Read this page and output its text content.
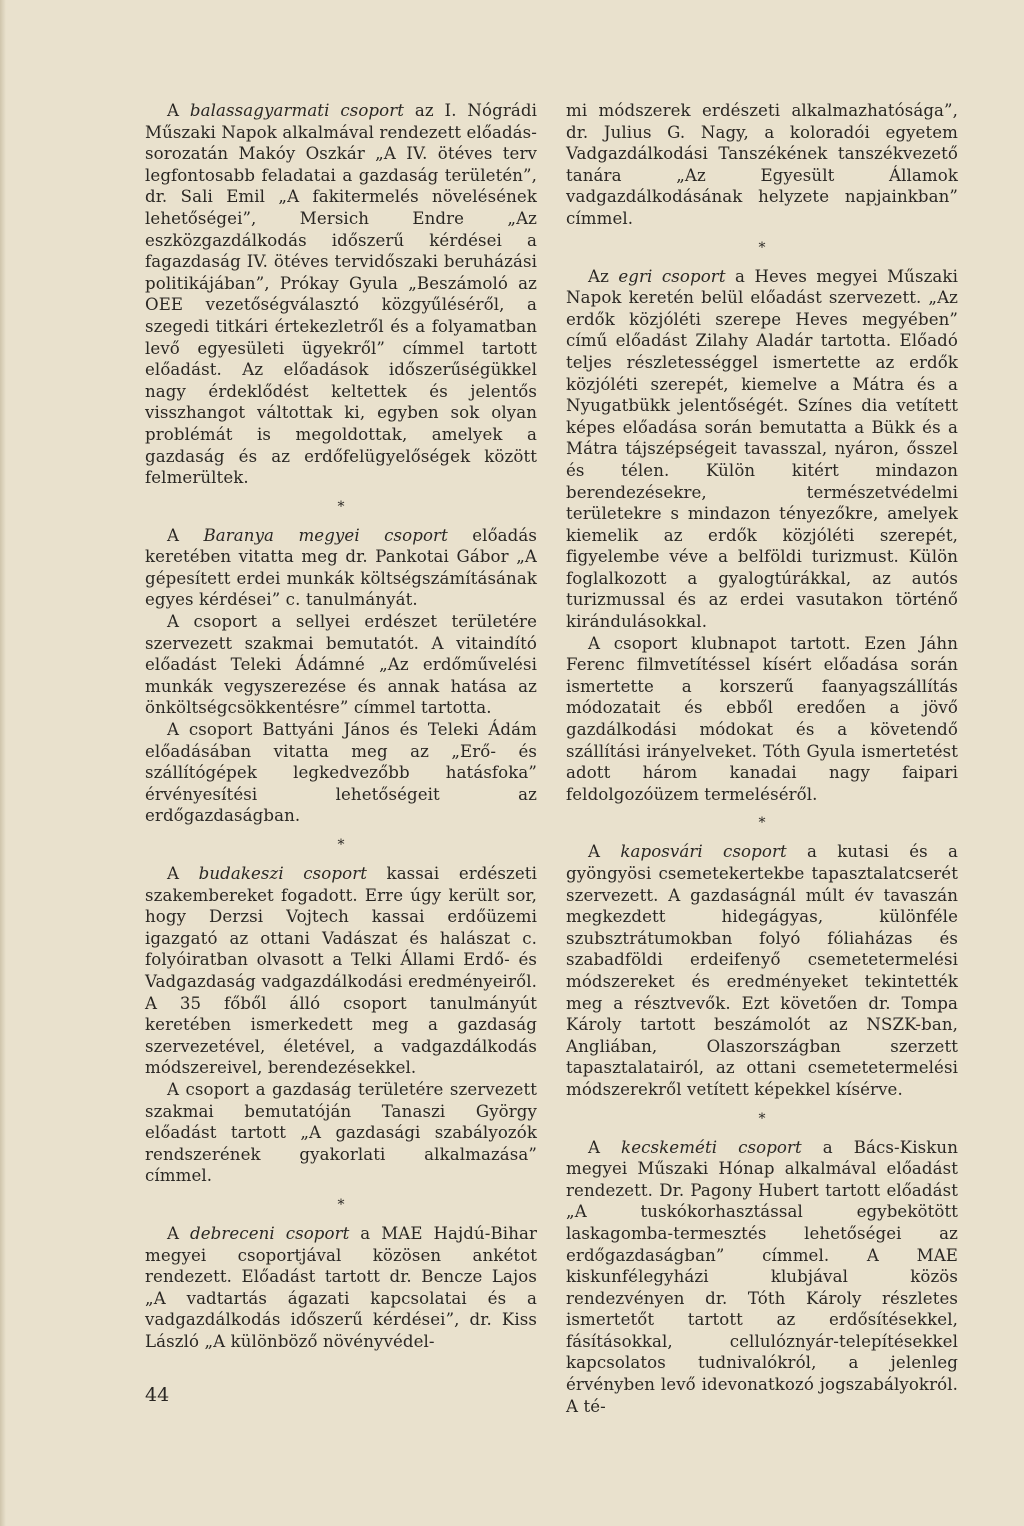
A balassagyarmati csoport az I. Nógrádi Műszaki Napok alkalmával rendezett előadás-sorozatán Makóy Oszkár „A IV. ötéves terv legfontosabb feladatai a gazdaság területén”, dr. Sali Emil „A fakitermelés növelésének lehetőségei”, Mersich Endre „Az eszközgazdálkodás időszerű kérdései a fagazdaság IV. ötéves tervidőszaki beruházási politikájában”, Prókay Gyula „Beszámoló az OEE vezetőségválasztó közgyűléséről, a szegedi titkári értekezletről és a folyamatban levő egyesületi ügyekről” címmel tartott előadást. Az előadások időszerűségükkel nagy érdeklődést keltettek és jelentős visszhangot váltottak ki, egyben sok olyan problémát is megoldottak, amelyek a gazdaság és az erdőfelügyelőségek között felmerültek.

*

A Baranya megyei csoport előadás keretében vitatta meg dr. Pankotai Gábor „A gépesített erdei munkák költségszámításának egyes kérdései” c. tanulmányát.

A csoport a sellyei erdészet területére szervezett szakmai bemutatót. A vitaindító előadást Teleki Ádámné „Az erdőművelési munkák vegyszerezése és annak hatása az önköltségcsökkentésre” címmel tartotta.

A csoport Battyáni János és Teleki Ádám előadásában vitatta meg az „Erő- és szállítógépek legkedvezőbb hatásfoka” érvényesítési lehetőségeit az erdőgazdaságban.

*

A budakeszi csoport kassai erdészeti szakembereket fogadott. Erre úgy került sor, hogy Derzsi Vojtech kassai erdőüzemi igazgató az ottani Vadászat és halászat c. folyóiratban olvasott a Telki Állami Erdő- és Vadgazdaság vadgazdálkodási eredményeiről. A 35 főből álló csoport tanulmányút keretében ismerkedett meg a gazdaság szervezetével, életével, a vadgazdálkodás módszereivel, berendezésekkel.

A csoport a gazdaság területére szervezett szakmai bemutatóján Tanaszi György előadást tartott „A gazdasági szabályozók rendszerének gyakorlati alkalmazása” címmel.

*

A debreceni csoport a MAE Hajdú-Bihar megyei csoportjával közösen ankétot rendezett. Előadást tartott dr. Bencze Lajos „A vadtartás ágazati kapcsolatai és a vadgazdálkodás időszerű kérdései”, dr. Kiss László „A különböző növényvédel-

mi módszerek erdészeti alkalmazhatósága”, dr. Julius G. Nagy, a koloradói egyetem Vadgazdálkodási Tanszékének tanszékvezető tanára „Az Egyesült Államok vadgazdálkodásának helyzete napjainkban” címmel.

*

Az egri csoport a Heves megyei Műszaki Napok keretén belül előadást szervezett. „Az erdők közjóléti szerepe Heves megyében” című előadást Zilahy Aladár tartotta. Előadó teljes részletességgel ismertette az erdők közjóléti szerepét, kiemelve a Mátra és a Nyugatbükk jelentőségét. Színes dia vetített képes előadása során bemutatta a Bükk és a Mátra tájszépségeit tavasszal, nyáron, ősszel és télen. Külön kitért mindazon berendezésekre, természetvédelmi területekre s mindazon tényezőkre, amelyek kiemelik az erdők közjóléti szerepét, figyelembe véve a belföldi turizmust. Külön foglalkozott a gyalogtúrákkal, az autós turizmussal és az erdei vasutakon történő kirándulásokkal.

A csoport klubnapot tartott. Ezen Jáhn Ferenc filmvetítéssel kísért előadása során ismertette a korszerű faanyagszállítás módozatait és ebből eredően a jövő gazdálkodási módokat és a követendő szállítási irányelveket. Tóth Gyula ismertetést adott három kanadai nagy faipari feldolgozóüzem termeléséről.

*

A kaposvári csoport a kutasi és a gyöngyösi csemetekertekbe tapasztalatcserét szervezett. A gazdaságnál múlt év tavaszán megkezdett hidegágyas, különféle szubsztrátumokban folyó fóliaházas és szabadföldi erdeifenyő csemetetermelési módszereket és eredményeket tekintették meg a résztvevők. Ezt követően dr. Tompa Károly tartott beszámolót az NSZK-ban, Angliában, Olaszországban szerzett tapasztalatairól, az ottani csemetetermelési módszerekről vetített képekkel kísérve.

*

A kecskeméti csoport a Bács-Kiskun megyei Műszaki Hónap alkalmával előadást rendezett. Dr. Pagony Hubert tartott előadást „A tuskókorhasztással egybekötött laskagomba-termesztés lehetőségei az erdőgazdaságban” címmel. A MAE kiskunfélegyházi klubjával közös rendezvényen dr. Tóth Károly részletes ismertetőt tartott az erdősítésekkel, fásításokkal, cellulóznyár-telepítésekkel kapcsolatos tudnivalókról, a jelenleg érvényben levő idevonatkozó jogszabályokról. A té-

44
